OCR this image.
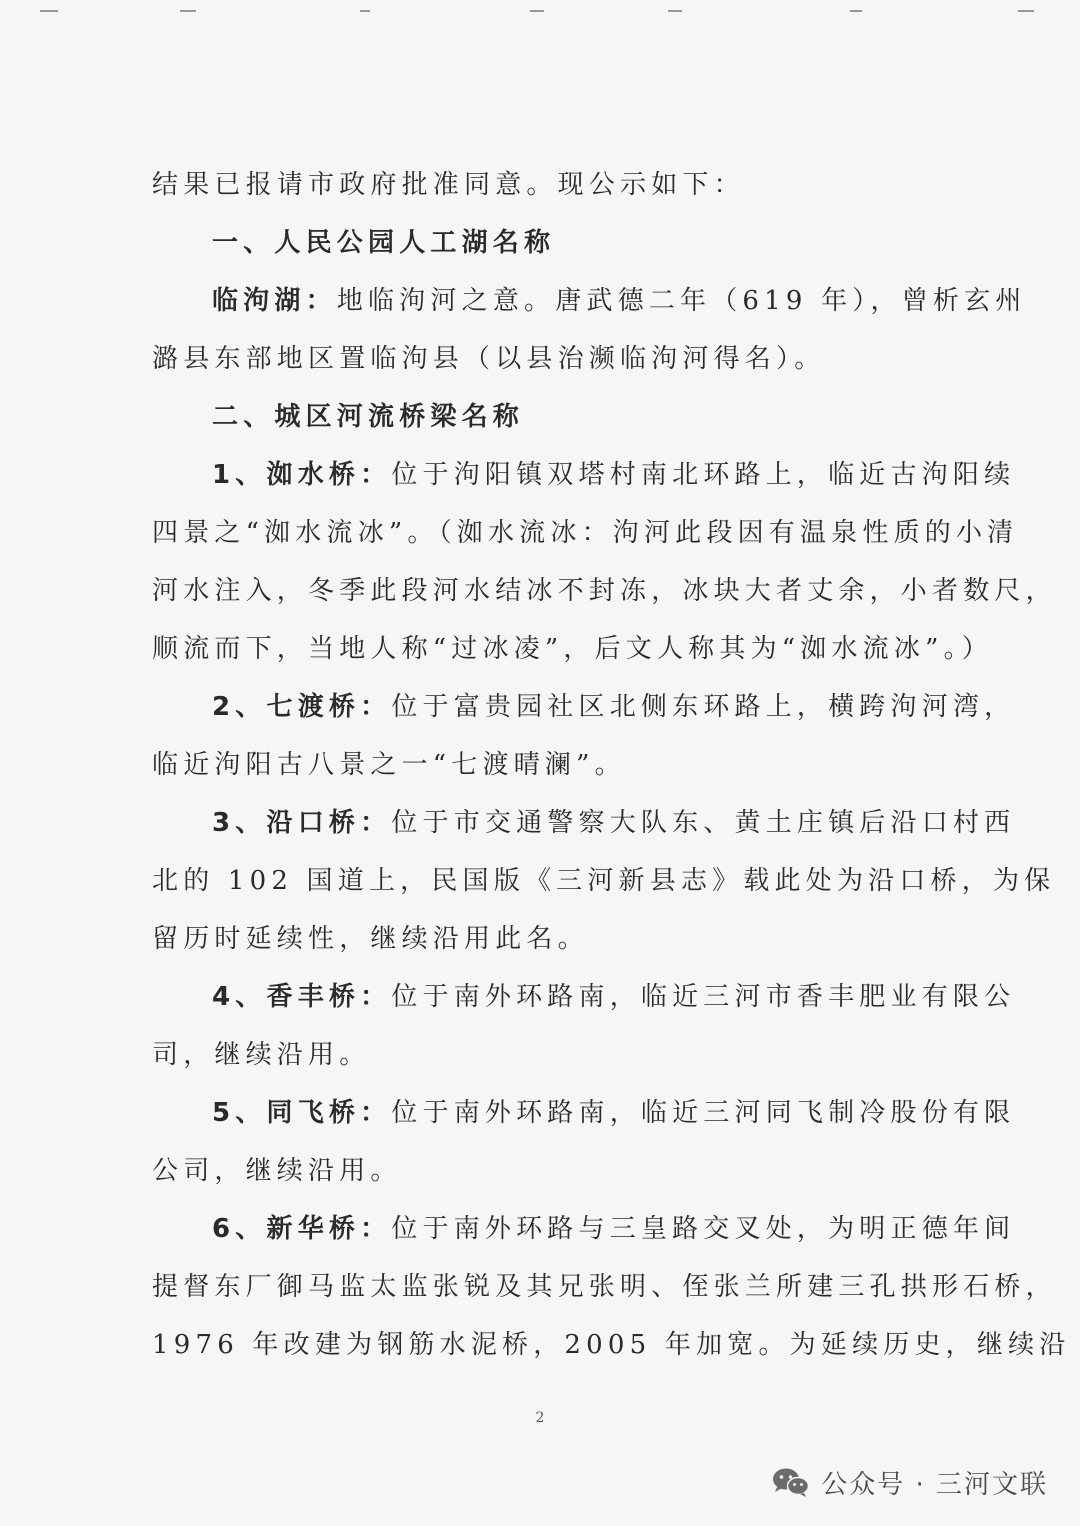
结果已报请市政府批准同意。现公示如下：
一、人民公园人工湖名称
临泃湖：地临泃河之意。唐武德二年（619 年），曾析玄州
潞县东部地区置临泃县（以县治濒临泃河得名）。
二、城区河流桥梁名称
1、洳水桥：位于泃阳镇双塔村南北环路上，临近古泃阳续
四景之“洳水流冰”。（洳水流冰：泃河此段因有温泉性质的小清
河水注入，冬季此段河水结冰不封冻，冰块大者丈余，小者数尺，
顺流而下，当地人称“过冰凌”，后文人称其为“洳水流冰”。）
2、七渡桥：位于富贵园社区北侧东环路上，横跨泃河湾，
临近泃阳古八景之一“七渡晴澜”。
3、沿口桥：位于市交通警察大队东、黄土庄镇后沿口村西
北的 102 国道上，民国版《三河新县志》载此处为沿口桥，为保
留历时延续性，继续沿用此名。
4、香丰桥：位于南外环路南，临近三河市香丰肥业有限公
司，继续沿用。
5、同飞桥：位于南外环路南，临近三河同飞制冷股份有限
公司，继续沿用。
6、新华桥：位于南外环路与三皇路交叉处，为明正德年间
提督东厂御马监太监张锐及其兄张明、侄张兰所建三孔拱形石桥，
1976 年改建为钢筋水泥桥，2005 年加宽。为延续历史，继续沿
2
公众号 · 三河文联
